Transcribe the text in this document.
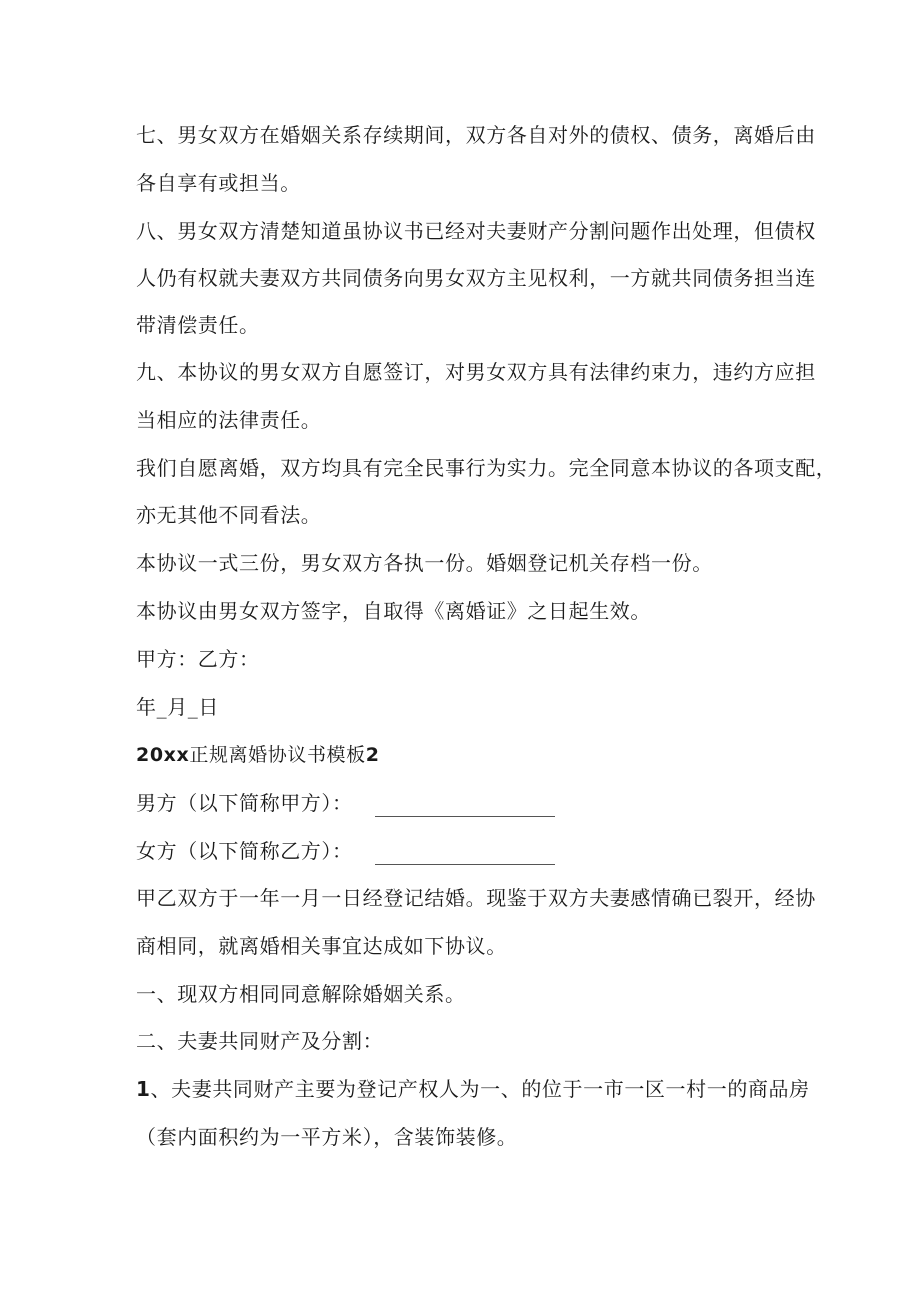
七、男女双方在婚姻关系存续期间，双方各自对外的债权、债务，离婚后由

各自享有或担当。

八、男女双方清楚知道虽协议书已经对夫妻财产分割问题作出处理，但债权

人仍有权就夫妻双方共同债务向男女双方主见权利，一方就共同债务担当连

带清偿责任。

九、本协议的男女双方自愿签订，对男女双方具有法律约束力，违约方应担

当相应的法律责任。

我们自愿离婚，双方均具有完全民事行为实力。完全同意本协议的各项支配，

亦无其他不同看法。

本协议一式三份，男女双方各执一份。婚姻登记机关存档一份。

本协议由男女双方签字，自取得《离婚证》之日起生效。

甲方：乙方：

年_月_日

20xx正规离婚协议书模板2

男方（以下简称甲方）：

女方（以下简称乙方）：

甲乙双方于一年一月一日经登记结婚。现鉴于双方夫妻感情确已裂开，经协

商相同，就离婚相关事宜达成如下协议。

一、现双方相同同意解除婚姻关系。

二、夫妻共同财产及分割：

1、夫妻共同财产主要为登记产权人为一、的位于一市一区一村一的商品房

（套内面积约为一平方米），含装饰装修。
